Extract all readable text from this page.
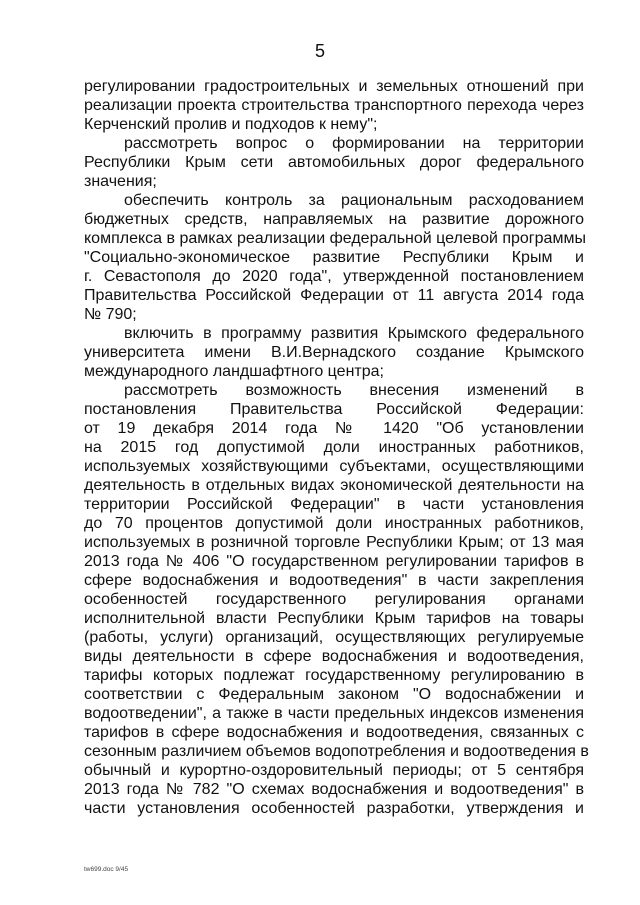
5
регулировании градостроительных и земельных отношений при
реализации проекта строительства транспортного перехода через
Керченский пролив и подходов к нему";
рассмотреть вопрос о формировании на территории
Республики Крым сети автомобильных дорог федерального
значения;
обеспечить контроль за рациональным расходованием
бюджетных средств, направляемых на развитие дорожного
комплекса в рамках реализации федеральной целевой программы
"Социально-экономическое развитие Республики Крым и
г. Севастополя до 2020 года", утвержденной постановлением
Правительства Российской Федерации от 11 августа 2014 года
№ 790;
включить в программу развития Крымского федерального
университета имени В.И.Вернадского создание Крымского
международного ландшафтного центра;
рассмотреть возможность внесения изменений в
постановления Правительства Российской Федерации:
от 19 декабря 2014 года № 1420 "Об установлении
на 2015 год допустимой доли иностранных работников,
используемых хозяйствующими субъектами, осуществляющими
деятельность в отдельных видах экономической деятельности на
территории Российской Федерации" в части установления
до 70 процентов допустимой доли иностранных работников,
используемых в розничной торговле Республики Крым; от 13 мая
2013 года № 406 "О государственном регулировании тарифов в
сфере водоснабжения и водоотведения" в части закрепления
особенностей государственного регулирования органами
исполнительной власти Республики Крым тарифов на товары
(работы, услуги) организаций, осуществляющих регулируемые
виды деятельности в сфере водоснабжения и водоотведения,
тарифы которых подлежат государственному регулированию в
соответствии с Федеральным законом "О водоснабжении и
водоотведении", а также в части предельных индексов изменения
тарифов в сфере водоснабжения и водоотведения, связанных с
сезонным различием объемов водопотребления и водоотведения в
обычный и курортно-оздоровительный периоды; от 5 сентября
2013 года № 782 "О схемах водоснабжения и водоотведения" в
части установления особенностей разработки, утверждения и
tw699.doc 9/45
